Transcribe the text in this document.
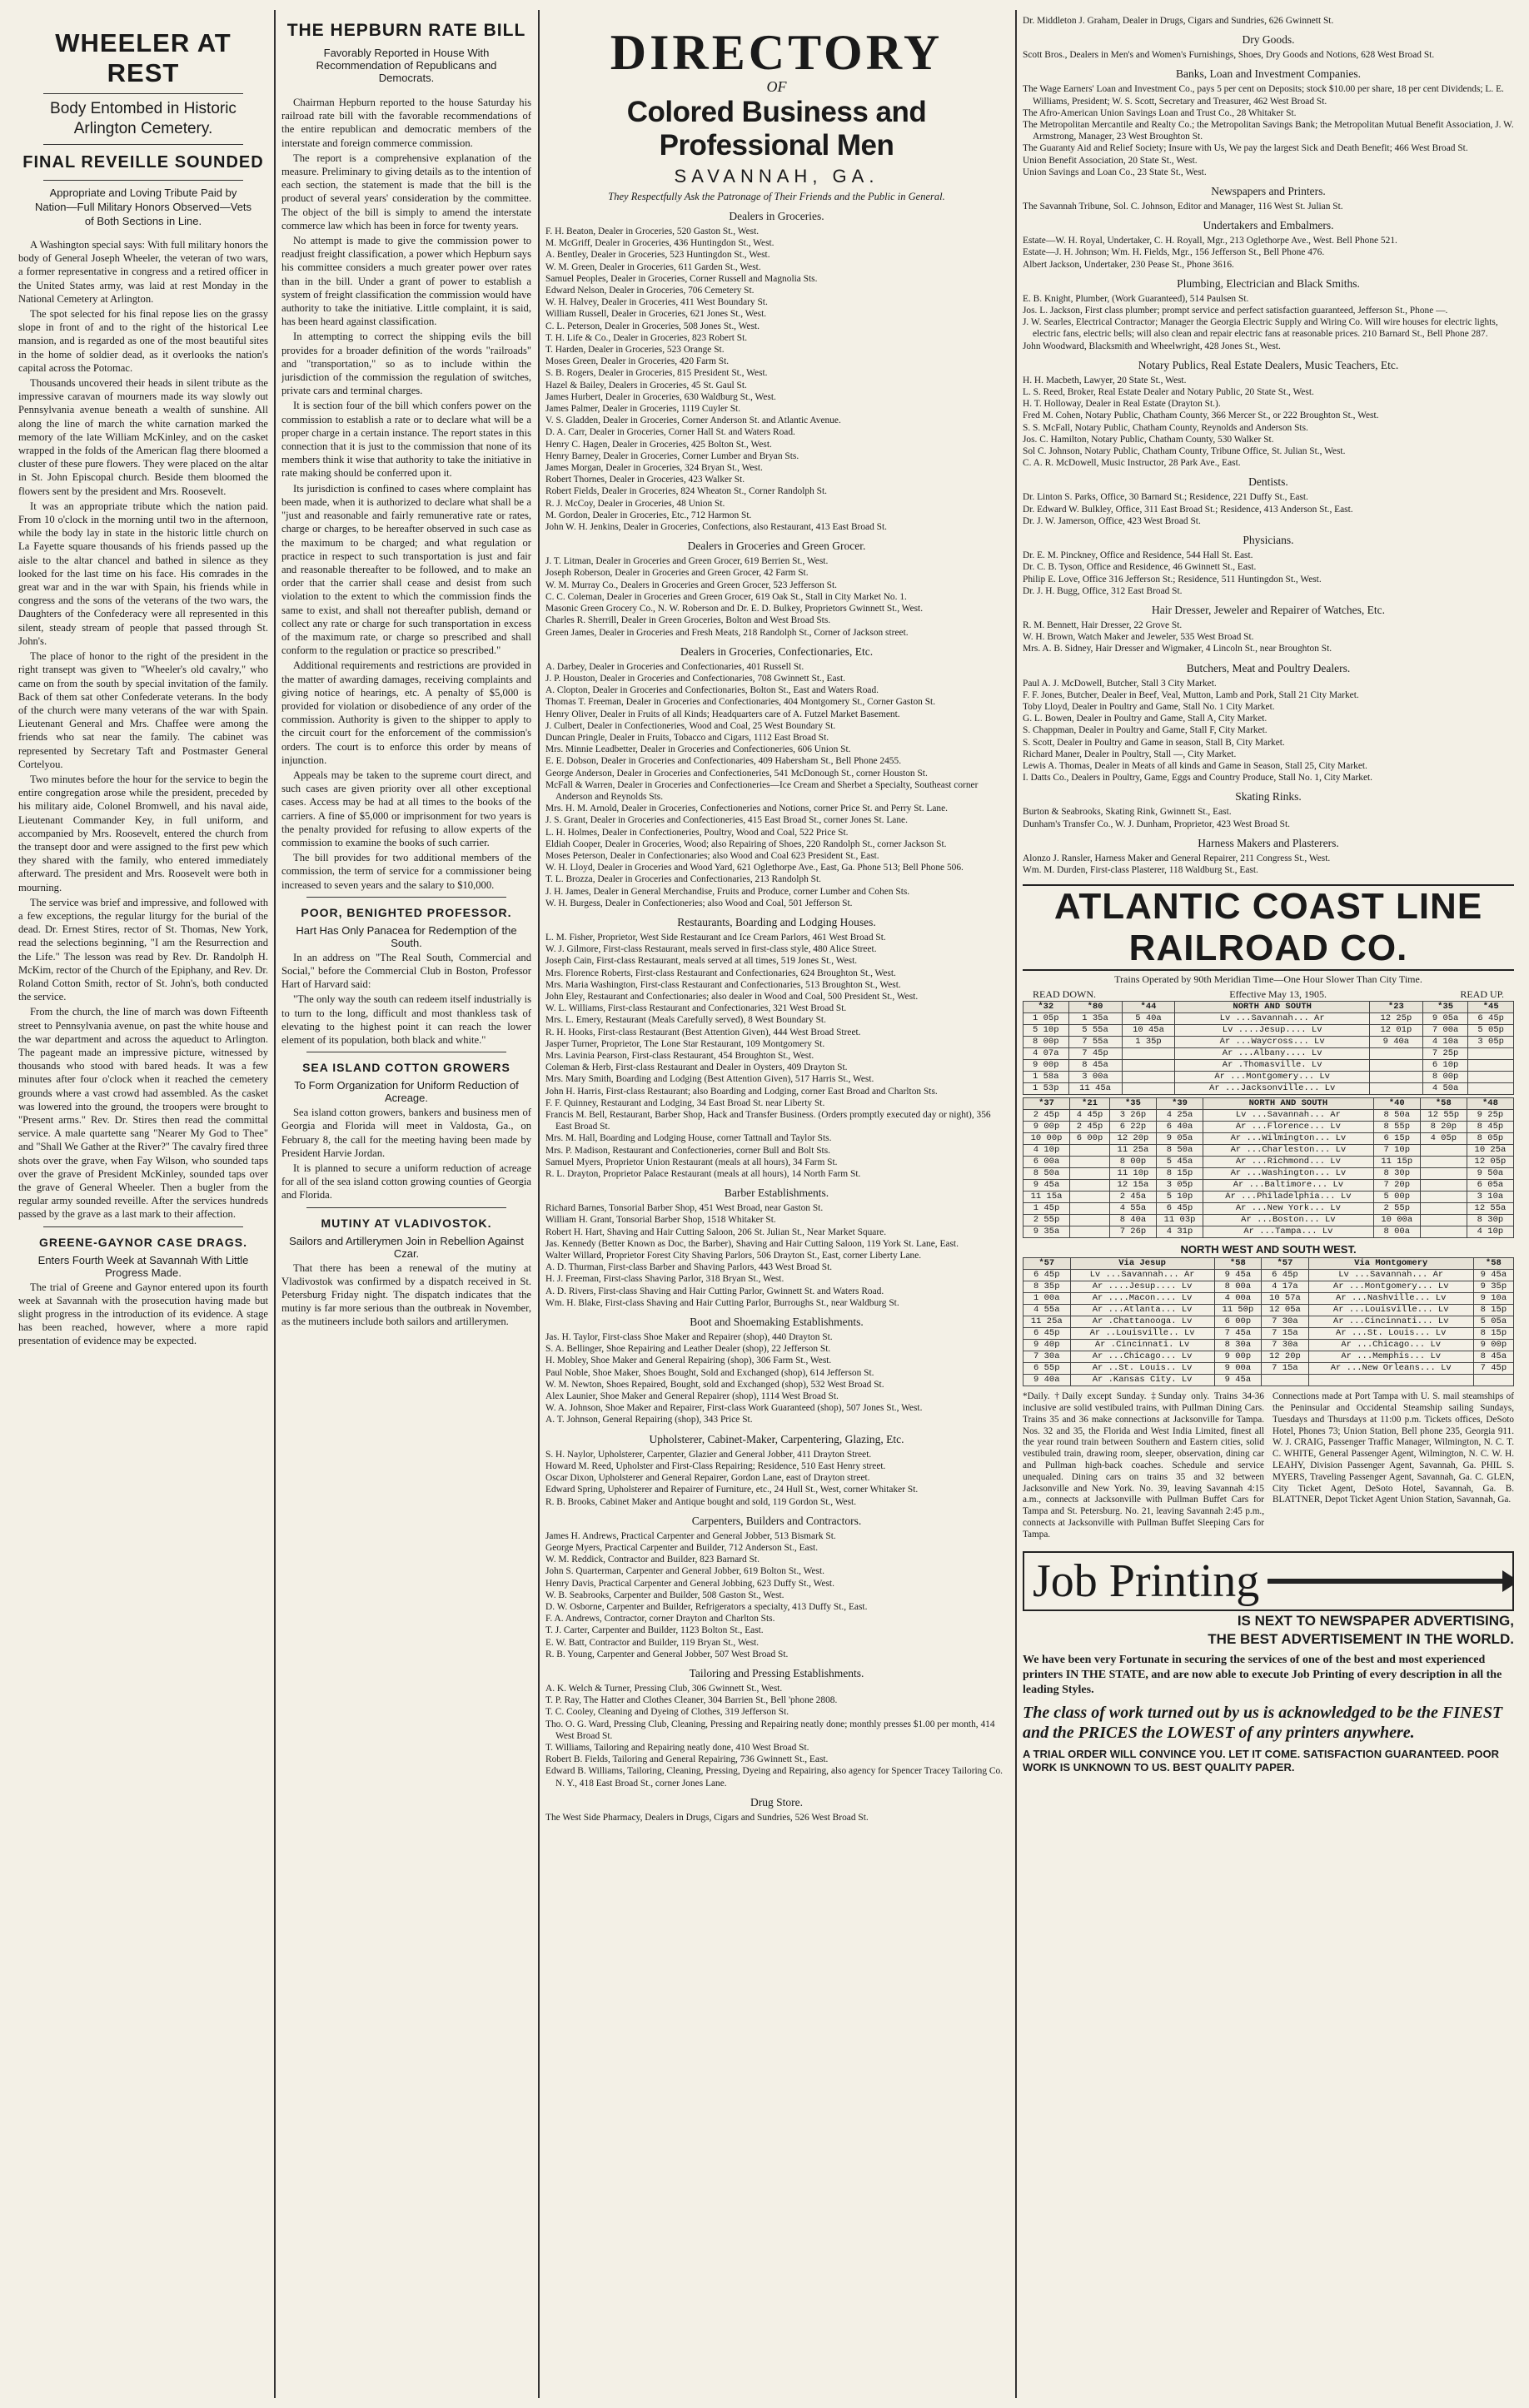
WHEELER AT REST
Body Entombed in Historic Arlington Cemetery.
FINAL REVEILLE SOUNDED
Appropriate and Loving Tribute Paid by Nation—Full Military Honors Observed—Vets of Both Sections in Line.

A Washington special says: With full military honors the body of General Joseph Wheeler, the veteran of two wars, a former representative in congress and a retired officer in the United States army, was laid at rest Monday in the National Cemetery at Arlington.

The spot selected for his final repose lies on the grassy slope in front of and to the right of the historical Lee mansion, and is regarded as one of the most beautiful sites in the home of soldier dead, as it overlooks the nation's capital across the Potomac.

Thousands uncovered their heads in silent tribute as the impressive caravan of mourners made its way slowly out Pennsylvania avenue beneath a wealth of sunshine. All along the line of march the white carnation marked the memory of the late William McKinley, and on the casket wrapped in the folds of the American flag there bloomed a cluster of these pure flowers. They were placed on the altar in St. John Episcopal church. Beside them bloomed the flowers sent by the president and Mrs. Roosevelt.

It was an appropriate tribute which the nation paid. From 10 o'clock in the morning until two in the afternoon, while the body lay in state in the historic little church on La Fayette square thousands of his friends passed up the aisle to the altar chancel and bathed in silence as they looked for the last time on his face. His comrades in the great war and in the war with Spain, his friends while in congress and the sons of the veterans of the two wars, the Daughters of the Confederacy were all represented in this silent, steady stream of people that passed through St. John's.

The place of honor to the right of the president in the right transept was given to "Wheeler's old cavalry," who came on from the south by special invitation of the family. Back of them sat other Confederate veterans. In the body of the church were many veterans of the war with Spain. Lieutenant General and Mrs. Chaffee were among the friends who sat near the family. The cabinet was represented by Secretary Taft and Postmaster General Cortelyou.

Two minutes before the hour for the service to begin the entire congregation arose while the president, preceded by his military aide, Colonel Bromwell, and his naval aide, Lieutenant Commander Key, in full uniform, and accompanied by Mrs. Roosevelt, entered the church from the transept door and were assigned to the first pew which they shared with the family, who entered immediately afterward. The president and Mrs. Roosevelt were both in mourning.

The service was brief and impressive, and followed with a few exceptions, the regular liturgy for the burial of the dead. Dr. Ernest Stires, rector of St. Thomas, New York, read the selections beginning, "I am the Resurrection and the Life." The lesson was read by Rev. Dr. Randolph H. McKim, rector of the Church of the Epiphany, and Rev. Dr. Roland Cotton Smith, rector of St. John's, both conducted the service.

From the church, the line of march was down Fifteenth street to Pennsylvania avenue, on past the white house and the war department and across the aqueduct to Arlington. The pageant made an impressive picture, witnessed by thousands who stood with bared heads. It was a few minutes after four o'clock when it reached the cemetery grounds where a vast crowd had assembled. As the casket was lowered into the ground, the troopers were brought to "Present arms." Rev. Dr. Stires then read the committal service. A male quartette sang "Nearer My God to Thee" and "Shall We Gather at the River?" The cavalry fired three shots over the grave, when Fay Wilson, who sounded taps over the grave of President McKinley, sounded taps over the grave of General Wheeler. Then a bugler from the regular army sounded reveille. After the services hundreds passed by the grave as a last mark to their affection.

GREENE-GAYNOR CASE DRAGS.
Enters Fourth Week at Savannah With Little Progress Made.

The trial of Greene and Gaynor entered upon its fourth week at Savannah with the prosecution having made but slight progress in the introduction of its evidence. A stage has been reached, however, where a more rapid presentation of evidence may be expected.

THE HEPBURN RATE BILL
Favorably Reported in House With Recommendation of Republicans and Democrats.

Chairman Hepburn reported to the house Saturday his railroad rate bill with the favorable recommendations of the entire republican and democratic members of the interstate and foreign commerce commission.

The report is a comprehensive explanation of the measure. Preliminary to giving details as to the intention of each section, the statement is made that the bill is the product of several years' consideration by the committee. The object of the bill is simply to amend the interstate commerce law which has been in force for twenty years.

No attempt is made to give the commission power to readjust freight classification, a power which Hepburn says his committee considers a much greater power over rates than in the bill. Under a grant of power to establish a system of freight classification the commission would have authority to take the initiative. Little complaint, it is said, has been heard against classification.

In attempting to correct the shipping evils the bill provides for a broader definition of the words "railroads" and "transportation," so as to include within the jurisdiction of the commission the regulation of switches, private cars and terminal charges.

It is section four of the bill which confers power on the commission to establish a rate or to declare what will be a proper charge in a certain instance. The report states in this connection that it is just to the commission that none of its members think it wise that authority to take the initiative in rate making should be conferred upon it.

Its jurisdiction is confined to cases where complaint has been made, when it is authorized to declare what shall be a "just and reasonable and fairly remunerative rate or rates, charge or charges, to be hereafter observed in such case as the maximum to be charged; and what regulation or practice in respect to such transportation is just and fair and reasonable thereafter to be followed, and to make an order that the carrier shall cease and desist from such violation to the extent to which the commission finds the same to exist, and shall not thereafter publish, demand or collect any rate or charge for such transportation in excess of the maximum rate, or charge so prescribed and shall conform to the regulation or practice so prescribed."

Additional requirements and restrictions are provided in the matter of awarding damages, receiving complaints and giving notice of hearings, etc. A penalty of $5,000 is provided for violation or disobedience of any order of the commission. Authority is given to the shipper to apply to the circuit court for the enforcement of the commission's orders. The court is to enforce this order by means of injunction.

Appeals may be taken to the supreme court direct, and such cases are given priority over all other exceptional cases. Access may be had at all times to the books of the carriers. A fine of $5,000 or imprisonment for two years is the penalty provided for refusing to allow experts of the commission to examine the books of such carrier.

The bill provides for two additional members of the commission, the term of service for a commissioner being increased to seven years and the salary to $10,000.

POOR, BENIGHTED PROFESSOR.
Hart Has Only Panacea for Redemption of the South.

In an address on "The Real South, Commercial and Social," before the Commercial Club in Boston, Professor Hart of Harvard said:

"The only way the south can redeem itself industrially is to turn to the long, difficult and most thankless task of elevating to the highest point it can reach the lower element of its population, both black and white."

SEA ISLAND COTTON GROWERS
To Form Organization for Uniform Reduction of Acreage.

Sea island cotton growers, bankers and business men of Georgia and Florida will meet in Valdosta, Ga., on February 8, the call for the meeting having been made by President Harvie Jordan.

It is planned to secure a uniform reduction of acreage for all of the sea island cotton growing counties of Georgia and Florida.

MUTINY AT VLADIVOSTOK.
Sailors and Artillerymen Join in Rebellion Against Czar.

That there has been a renewal of the mutiny at Vladivostok was confirmed by a dispatch received in St. Petersburg Friday night. The dispatch indicates that the mutiny is far more serious than the outbreak in November, as the mutineers include both sailors and artillerymen.

DIRECTORY
OF
Colored Business and Professional Men
SAVANNAH, GA.
They Respectfully Ask the Patronage of Their Friends and the Public in General.
Dealers in Groceries.

F. H. Beaton, Dealer in Groceries, 520 Gaston St., West.

M. McGriff, Dealer in Groceries, 436 Huntingdon St., West.

A. Bentley, Dealer in Groceries, 523 Huntingdon St., West.

W. M. Green, Dealer in Groceries, 611 Garden St., West.

Samuel Peoples, Dealer in Groceries, Corner Russell and Magnolia Sts.

Edward Nelson, Dealer in Groceries, 706 Cemetery St.

W. H. Halvey, Dealer in Groceries, 411 West Boundary St.

William Russell, Dealer in Groceries, 621 Jones St., West.

C. L. Peterson, Dealer in Groceries, 508 Jones St., West.

T. H. Life & Co., Dealer in Groceries, 823 Robert St.

T. Harden, Dealer in Groceries, 523 Orange St.

Moses Green, Dealer in Groceries, 420 Farm St.

S. B. Rogers, Dealer in Groceries, 815 President St., West.

Hazel & Bailey, Dealers in Groceries, 45 St. Gaul St.

James Hurbert, Dealer in Groceries, 630 Waldburg St., West.

James Palmer, Dealer in Groceries, 1119 Cuyler St.

V. S. Gladden, Dealer in Groceries, Corner Anderson St. and Atlantic Avenue.

D. A. Carr, Dealer in Groceries, Corner Hall St. and Waters Road.

Henry C. Hagen, Dealer in Groceries, 425 Bolton St., West.

Henry Barney, Dealer in Groceries, Corner Lumber and Bryan Sts.

James Morgan, Dealer in Groceries, 324 Bryan St., West.

Robert Thornes, Dealer in Groceries, 423 Walker St.

Robert Fields, Dealer in Groceries, 824 Wheaton St., Corner Randolph St.

R. J. McCoy, Dealer in Groceries, 48 Union St.

M. Gordon, Dealer in Groceries, Etc., 712 Harmon St.

John W. H. Jenkins, Dealer in Groceries, Confections, also Restaurant, 413 East Broad St.

Dealers in Groceries and Green Grocer.

J. T. Litman, Dealer in Groceries and Green Grocer, 619 Berrien St., West.

Joseph Roberson, Dealer in Groceries and Green Grocer, 42 Farm St.

W. M. Murray Co., Dealers in Groceries and Green Grocer, 523 Jefferson St.

C. C. Coleman, Dealer in Groceries and Green Grocer, 619 Oak St., Stall in City Market No. 1.

Masonic Green Grocery Co., N. W. Roberson and Dr. E. D. Bulkey, Proprietors Gwinnett St., West.

Charles R. Sherrill, Dealer in Green Groceries, Bolton and West Broad Sts.

Green James, Dealer in Groceries and Fresh Meats, 218 Randolph St., Corner of Jackson street.

Dealers in Groceries, Confectionaries, Etc.

A. Darbey, Dealer in Groceries and Confectionaries, 401 Russell St.

J. P. Houston, Dealer in Groceries and Confectionaries, 708 Gwinnett St., East.

A. Clopton, Dealer in Groceries and Confectionaries, Bolton St., East and Waters Road.

Thomas T. Freeman, Dealer in Groceries and Confectionaries, 404 Montgomery St., Corner Gaston St.

Henry Oliver, Dealer in Fruits of all Kinds; Headquarters care of A. Futzel Market Basement.

J. Culbert, Dealer in Confectioneries, Wood and Coal, 25 West Boundary St.

Duncan Pringle, Dealer in Fruits, Tobacco and Cigars, 1112 East Broad St.

Mrs. Minnie Leadbetter, Dealer in Groceries and Confectioneries, 606 Union St.

E. E. Dobson, Dealer in Groceries and Confectionaries, 409 Habersham St., Bell Phone 2455.

George Anderson, Dealer in Groceries and Confectioneries, 541 McDonough St., corner Houston St.

McFall & Warren, Dealer in Groceries and Confectioneries—Ice Cream and Sherbet a Specialty, Southeast corner Anderson and Reynolds Sts.

Mrs. H. M. Arnold, Dealer in Groceries, Confectioneries and Notions, corner Price St. and Perry St. Lane.

J. S. Grant, Dealer in Groceries and Confectioneries, 415 East Broad St., corner Jones St. Lane.

L. H. Holmes, Dealer in Confectioneries, Poultry, Wood and Coal, 522 Price St.

Eldiah Cooper, Dealer in Groceries, Wood; also Repairing of Shoes, 220 Randolph St., corner Jackson St.

Moses Peterson, Dealer in Confectionaries; also Wood and Coal 623 President St., East.

W. H. Lloyd, Dealer in Groceries and Wood Yard, 621 Oglethorpe Ave., East, Ga. Phone 513; Bell Phone 506.

T. L. Brozza, Dealer in Groceries and Confectionaries, 213 Randolph St.

J. H. James, Dealer in General Merchandise, Fruits and Produce, corner Lumber and Cohen Sts.

W. H. Burgess, Dealer in Confectioneries; also Wood and Coal, 501 Jefferson St.

Restaurants, Boarding and Lodging Houses.

L. M. Fisher, Proprietor, West Side Restaurant and Ice Cream Parlors, 461 West Broad St.

W. J. Gilmore, First-class Restaurant, meals served in first-class style, 480 Alice Street.

Joseph Cain, First-class Restaurant, meals served at all times, 519 Jones St., West.

Mrs. Florence Roberts, First-class Restaurant and Confectionaries, 624 Broughton St., West.

Mrs. Maria Washington, First-class Restaurant and Confectionaries, 513 Broughton St., West.

John Eley, Restaurant and Confectionaries; also dealer in Wood and Coal, 500 President St., West.

W. L. Williams, First-class Restaurant and Confectionaries, 321 West Broad St.

Mrs. L. Emery, Restaurant (Meals Carefully served), 8 West Boundary St.

R. H. Hooks, First-class Restaurant (Best Attention Given), 444 West Broad Street.

Jasper Turner, Proprietor, The Lone Star Restaurant, 109 Montgomery St.

Mrs. Lavinia Pearson, First-class Restaurant, 454 Broughton St., West.

Coleman & Herb, First-class Restaurant and Dealer in Oysters, 409 Drayton St.

Mrs. Mary Smith, Boarding and Lodging (Best Attention Given), 517 Harris St., West.

John H. Harris, First-class Restaurant; also Boarding and Lodging, corner East Broad and Charlton Sts.

F. F. Quinney, Restaurant and Lodging, 34 East Broad St. near Liberty St.

Francis M. Bell, Restaurant, Barber Shop, Hack and Transfer Business. (Orders promptly executed day or night), 356 East Broad St.

Mrs. M. Hall, Boarding and Lodging House, corner Tattnall and Taylor Sts.

Mrs. P. Madison, Restaurant and Confectioneries, corner Bull and Bolt Sts.

Samuel Myers, Proprietor Union Restaurant (meals at all hours), 34 Farm St.

R. L. Drayton, Proprietor Palace Restaurant (meals at all hours), 14 North Farm St.

Barber Establishments.

Richard Barnes, Tonsorial Barber Shop, 451 West Broad, near Gaston St.

William H. Grant, Tonsorial Barber Shop, 1518 Whitaker St.

Robert H. Hart, Shaving and Hair Cutting Saloon, 206 St. Julian St., Near Market Square.

Jas. Kennedy (Better Known as Doc, the Barber), Shaving and Hair Cutting Saloon, 119 York St. Lane, East.

Walter Willard, Proprietor Forest City Shaving Parlors, 506 Drayton St., East, corner Liberty Lane.

A. D. Thurman, First-class Barber and Shaving Parlors, 443 West Broad St.

H. J. Freeman, First-class Shaving Parlor, 318 Bryan St., West.

A. D. Rivers, First-class Shaving and Hair Cutting Parlor, Gwinnett St. and Waters Road.

Wm. H. Blake, First-class Shaving and Hair Cutting Parlor, Burroughs St., near Waldburg St.

Boot and Shoemaking Establishments.

Jas. H. Taylor, First-class Shoe Maker and Repairer (shop), 440 Drayton St.

S. A. Bellinger, Shoe Repairing and Leather Dealer (shop), 22 Jefferson St.

H. Mobley, Shoe Maker and General Repairing (shop), 306 Farm St., West.

Paul Noble, Shoe Maker, Shoes Bought, Sold and Exchanged (shop), 614 Jefferson St.

W. M. Newton, Shoes Repaired, Bought, sold and Exchanged (shop), 532 West Broad St.

Alex Launier, Shoe Maker and General Repairer (shop), 1114 West Broad St.

W. A. Johnson, Shoe Maker and Repairer, First-class Work Guaranteed (shop), 507 Jones St., West.

A. T. Johnson, General Repairing (shop), 343 Price St.

Upholsterer, Cabinet-Maker, Carpentering, Glazing, Etc.

S. H. Naylor, Upholsterer, Carpenter, Glazier and General Jobber, 411 Drayton Street.

Howard M. Reed, Upholster and First-Class Repairing; Residence, 510 East Henry street.

Oscar Dixon, Upholsterer and General Repairer, Gordon Lane, east of Drayton street.

Edward Spring, Upholsterer and Repairer of Furniture, etc., 24 Hull St., West, corner Whitaker St.

R. B. Brooks, Cabinet Maker and Antique bought and sold, 119 Gordon St., West.

Carpenters, Builders and Contractors.

James H. Andrews, Practical Carpenter and General Jobber, 513 Bismark St.

George Myers, Practical Carpenter and Builder, 712 Anderson St., East.

W. M. Reddick, Contractor and Builder, 823 Barnard St.

John S. Quarterman, Carpenter and General Jobber, 619 Bolton St., West.

Henry Davis, Practical Carpenter and General Jobbing, 623 Duffy St., West.

W. B. Seabrooks, Carpenter and Builder, 508 Gaston St., West.

D. W. Osborne, Carpenter and Builder, Refrigerators a specialty, 413 Duffy St., East.

F. A. Andrews, Contractor, corner Drayton and Charlton Sts.

T. J. Carter, Carpenter and Builder, 1123 Bolton St., East.

E. W. Batt, Contractor and Builder, 119 Bryan St., West.

R. B. Young, Carpenter and General Jobber, 507 West Broad St.

Tailoring and Pressing Establishments.

A. K. Welch & Turner, Pressing Club, 306 Gwinnett St., West.

T. P. Ray, The Hatter and Clothes Cleaner, 304 Barrien St., Bell 'phone 2808.

T. C. Cooley, Cleaning and Dyeing of Clothes, 319 Jefferson St.

Tho. O. G. Ward, Pressing Club, Cleaning, Pressing and Repairing neatly done; monthly presses $1.00 per month, 414 West Broad St.

T. Williams, Tailoring and Repairing neatly done, 410 West Broad St.

Robert B. Fields, Tailoring and General Repairing, 736 Gwinnett St., East.

Edward B. Williams, Tailoring, Cleaning, Pressing, Dyeing and Repairing, also agency for Spencer Tracey Tailoring Co. N. Y., 418 East Broad St., corner Jones Lane.

Drug Store.

The West Side Pharmacy, Dealers in Drugs, Cigars and Sundries, 526 West Broad St.

Dr. Middleton J. Graham, Dealer in Drugs, Cigars and Sundries, 626 Gwinnett St.

Dry Goods.

Scott Bros., Dealers in Men's and Women's Furnishings, Shoes, Dry Goods and Notions, 628 West Broad St.

Banks, Loan and Investment Companies.

The Wage Earners' Loan and Investment Co., pays 5 per cent on Deposits; stock $10.00 per share, 18 per cent Dividends; L. E. Williams, President; W. S. Scott, Secretary and Treasurer, 462 West Broad St.

The Afro-American Union Savings Loan and Trust Co., 28 Whitaker St.

The Metropolitan Mercantile and Realty Co.; the Metropolitan Savings Bank; the Metropolitan Mutual Benefit Association, J. W. Armstrong, Manager, 23 West Broughton St.

The Guaranty Aid and Relief Society; Insure with Us, We pay the largest Sick and Death Benefit; 466 West Broad St.

Union Benefit Association, 20 State St., West.

Union Savings and Loan Co., 23 State St., West.

Newspapers and Printers.

The Savannah Tribune, Sol. C. Johnson, Editor and Manager, 116 West St. Julian St.

Undertakers and Embalmers.

Estate—W. H. Royal, Undertaker, C. H. Royall, Mgr., 213 Oglethorpe Ave., West. Bell Phone 521.

Estate—J. H. Johnson; Wm. H. Fields, Mgr., 156 Jefferson St., Bell Phone 476.

Albert Jackson, Undertaker, 230 Pease St., Phone 3616.

Plumbing, Electrician and Black Smiths.

E. B. Knight, Plumber, (Work Guaranteed), 514 Paulsen St.

Jos. L. Jackson, First class plumber; prompt service and perfect satisfaction guaranteed, Jefferson St., Phone —.

J. W. Searles, Electrical Contractor; Manager the Georgia Electric Supply and Wiring Co. Will wire houses for electric lights, electric fans, electric bells; will also clean and repair electric fans at reasonable prices. 210 Barnard St., Bell Phone 287.

John Woodward, Blacksmith and Wheelwright, 428 Jones St., West.

Notary Publics, Real Estate Dealers, Music Teachers, Etc.

H. H. Macbeth, Lawyer, 20 State St., West.

L. S. Reed, Broker, Real Estate Dealer and Notary Public, 20 State St., West.

H. T. Holloway, Dealer in Real Estate (Drayton St.).

Fred M. Cohen, Notary Public, Chatham County, 366 Mercer St., or 222 Broughton St., West.

S. S. McFall, Notary Public, Chatham County, Reynolds and Anderson Sts.

Jos. C. Hamilton, Notary Public, Chatham County, 530 Walker St.

Sol C. Johnson, Notary Public, Chatham County, Tribune Office, St. Julian St., West.

C. A. R. McDowell, Music Instructor, 28 Park Ave., East.

Dentists.

Dr. Linton S. Parks, Office, 30 Barnard St.; Residence, 221 Duffy St., East.

Dr. Edward W. Bulkley, Office, 311 East Broad St.; Residence, 413 Anderson St., East.

Dr. J. W. Jamerson, Office, 423 West Broad St.

Physicians.

Dr. E. M. Pinckney, Office and Residence, 544 Hall St. East.

Dr. C. B. Tyson, Office and Residence, 46 Gwinnett St., East.

Philip E. Love, Office 316 Jefferson St.; Residence, 511 Huntingdon St., West.

Dr. J. H. Bugg, Office, 312 East Broad St.

Hair Dresser, Jeweler and Repairer of Watches, Etc.

R. M. Bennett, Hair Dresser, 22 Grove St.

W. H. Brown, Watch Maker and Jeweler, 535 West Broad St.

Mrs. A. B. Sidney, Hair Dresser and Wigmaker, 4 Lincoln St., near Broughton St.

Butchers, Meat and Poultry Dealers.

Paul A. J. McDowell, Butcher, Stall 3 City Market.

F. F. Jones, Butcher, Dealer in Beef, Veal, Mutton, Lamb and Pork, Stall 21 City Market.

Toby Lloyd, Dealer in Poultry and Game, Stall No. 1 City Market.

G. L. Bowen, Dealer in Poultry and Game, Stall A, City Market.

S. Chappman, Dealer in Poultry and Game, Stall F, City Market.

S. Scott, Dealer in Poultry and Game in season, Stall B, City Market.

Richard Maner, Dealer in Poultry, Stall —, City Market.

Lewis A. Thomas, Dealer in Meats of all kinds and Game in Season, Stall 25, City Market.

I. Datts Co., Dealers in Poultry, Game, Eggs and Country Produce, Stall No. 1, City Market.

Skating Rinks.

Burton & Seabrooks, Skating Rink, Gwinnett St., East.

Dunham's Transfer Co., W. J. Dunham, Proprietor, 423 West Broad St.

Harness Makers and Plasterers.

Alonzo J. Ransler, Harness Maker and General Repairer, 211 Congress St., West.

Wm. M. Durden, First-class Plasterer, 118 Waldburg St., East.

ATLANTIC COAST LINE RAILROAD CO.
Trains Operated by 90th Meridian Time—One Hour Slower Than City Time.
READ DOWN.	Effective May 13, 1905.	READ UP.
*32	*80	*44	NORTH AND SOUTH	*23	*35	*45
1 05p	1 35a	5 40a	Lv ...Savannah... Ar	12 25p	9 05a	6 45p
5 10p	5 55a	10 45a	Lv ....Jesup.... Lv	12 01p	7 00a	5 05p
8 00p	7 55a	1 35p	Ar ...Waycross... Lv	9 40a	4 10a	3 05p
4 07a	7 45p		Ar ...Albany.... Lv		7 25p	
9 00p	8 45a		Ar .Thomasville. Lv		6 10p	
1 58a	3 00a		Ar ...Montgomery... Lv		8 00p	
1 53p	11 45a		Ar ...Jacksonville... Lv		4 50a	
*37	*21	*35	*39	NORTH AND SOUTH	*40	*58	*48
2 45p	4 45p	3 26p	4 25a	Lv ...Savannah... Ar	8 50a	12 55p	9 25p
9 00p	2 45p	6 22p	6 40a	Ar ...Florence... Lv	8 55p	8 20p	8 45p
10 00p	6 00p	12 20p	9 05a	Ar ...Wilmington... Lv	6 15p	4 05p	8 05p
4 10p		11 25a	8 50a	Ar ...Charleston... Lv	7 10p		10 25a
6 00a		8 00p	5 45a	Ar ...Richmond... Lv	11 15p		12 05p
8 50a		11 10p	8 15p	Ar ...Washington... Lv	8 30p		9 50a
9 45a		12 15a	3 05p	Ar ...Baltimore... Lv	7 20p		6 05a
11 15a		2 45a	5 10p	Ar ...Philadelphia... Lv	5 00p		3 10a
1 45p		4 55a	6 45p	Ar ...New York... Lv	2 55p		12 55a
2 55p		8 40a	11 03p	Ar ...Boston... Lv	10 00a		8 30p
9 35a		7 26p	4 31p	Ar ...Tampa... Lv	8 00a		4 10p
NORTH WEST AND SOUTH WEST.
*57	Via Jesup	*58	*57	Via Montgomery	*58
6 45p	Lv ...Savannah... Ar	9 45a	6 45p	Lv ...Savannah... Ar	9 45a
8 35p	Ar ....Jesup.... Lv	8 00a	4 17a	Ar ...Montgomery... Lv	9 35p
1 00a	Ar ....Macon.... Lv	4 00a	10 57a	Ar ...Nashville... Lv	9 10a
4 55a	Ar ...Atlanta... Lv	11 50p	12 05a	Ar ...Louisville... Lv	8 15p
11 25a	Ar .Chattanooga. Lv	6 00p	7 30a	Ar ...Cincinnati... Lv	5 05a
6 45p	Ar ..Louisville.. Lv	7 45a	7 15a	Ar ...St. Louis... Lv	8 15p
9 40p	Ar .Cincinnati. Lv	8 30a	7 30a	Ar ...Chicago... Lv	9 00p
7 30a	Ar ...Chicago... Lv	9 00p	12 20p	Ar ...Memphis... Lv	8 45a
6 55p	Ar ..St. Louis.. Lv	9 00a	7 15a	Ar ...New Orleans... Lv	7 45p
9 40a	Ar .Kansas City. Lv	9 45a			

*Daily. †Daily except Sunday. ‡Sunday only. Trains 34-36 inclusive are solid vestibuled trains, with Pullman Dining Cars. Trains 35 and 36 make connections at Jacksonville for Tampa. Nos. 32 and 35, the Florida and West India Limited, finest all the year round train between Southern and Eastern cities, solid vestibuled train, drawing room, sleeper, observation, dining car and Pullman high-back coaches. Schedule and service unequaled. Dining cars on trains 35 and 32 between Jacksonville and New York. No. 39, leaving Savannah 4:15 a.m., connects at Jacksonville with Pullman Buffet Cars for Tampa and St. Petersburg. No. 21, leaving Savannah 2:45 p.m., connects at Jacksonville with Pullman Buffet Sleeping Cars for Tampa.

Connections made at Port Tampa with U. S. mail steamships of the Peninsular and Occidental Steamship sailing Sundays, Tuesdays and Thursdays at 11:00 p.m. Tickets offices, DeSoto Hotel, Phones 73; Union Station, Bell phone 235, Georgia 911. W. J. CRAIG, Passenger Traffic Manager, Wilmington, N. C. T. C. WHITE, General Passenger Agent, Wilmington, N. C. W. H. LEAHY, Division Passenger Agent, Savannah, Ga. PHIL S. MYERS, Traveling Passenger Agent, Savannah, Ga. C. GLEN, City Ticket Agent, DeSoto Hotel, Savannah, Ga. B. BLATTNER, Depot Ticket Agent Union Station, Savannah, Ga.

Job Printing
IS NEXT TO NEWSPAPER ADVERTISING,
THE BEST ADVERTISEMENT IN THE WORLD.
We have been very Fortunate in securing the services of one of the best and most experienced printers IN THE STATE, and are now able to execute Job Printing of every description in all the leading Styles.
The class of work turned out by us is acknowledged to be the FINEST and the PRICES the LOWEST of any printers anywhere.
A TRIAL ORDER WILL CONVINCE YOU. LET IT COME. SATISFACTION GUARANTEED. POOR WORK IS UNKNOWN TO US. BEST QUALITY PAPER.
